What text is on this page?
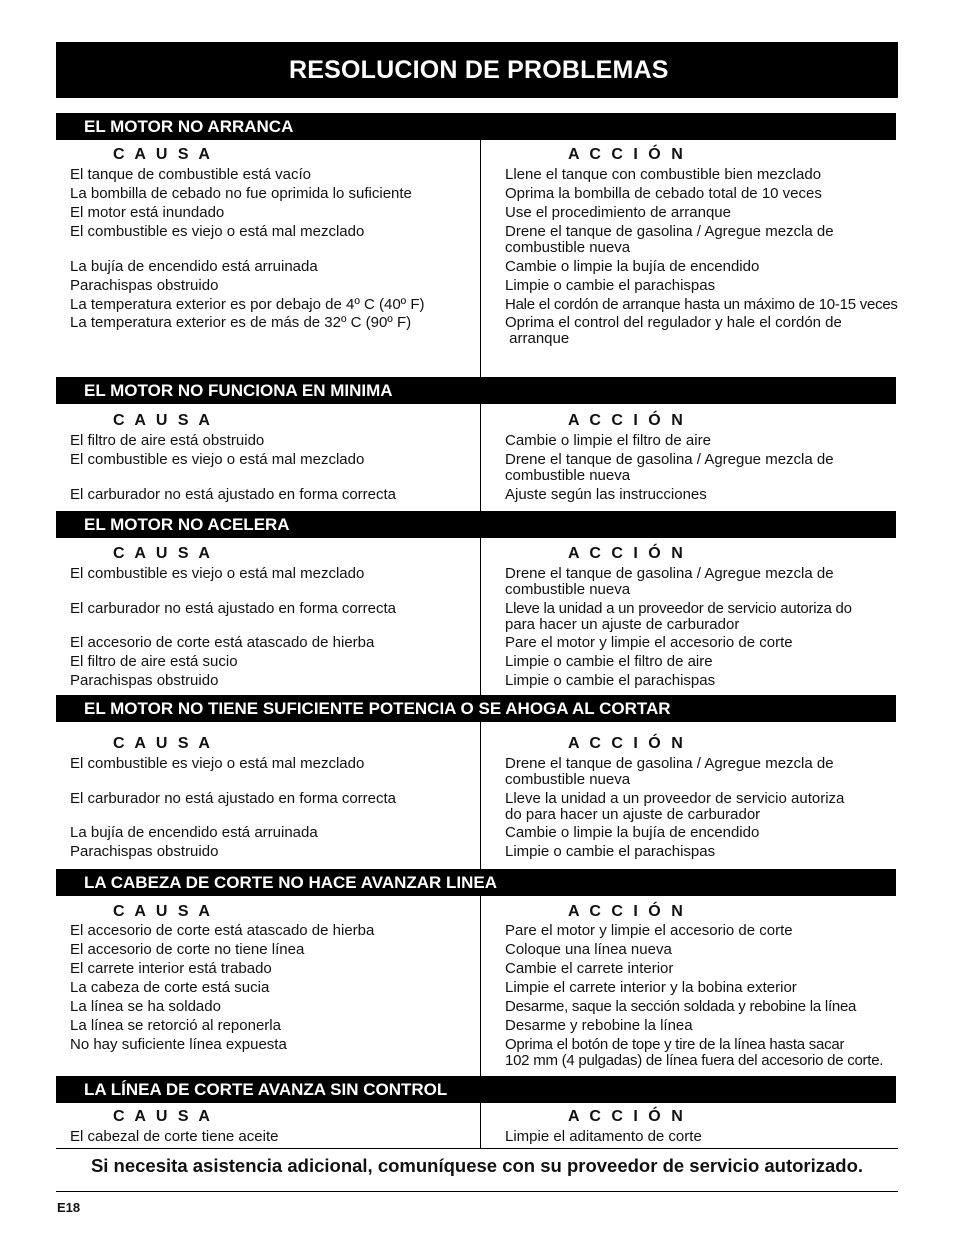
RESOLUCION DE PROBLEMAS
EL MOTOR NO ARRANCA
C A U S A	A C C I Ó N
El tanque de combustible está vacío	Llene el tanque con combustible bien mezclado
La bombilla de cebado no fue oprimida lo suficiente	Oprima la bombilla de cebado total de 10 veces
El motor está inundado	Use el procedimiento de arranque
El combustible es viejo o está mal mezclado	Drene el tanque de gasolina / Agregue mezcla de
combustible nueva
La bujía de encendido está arruinada	Cambie o limpie la bujía de encendido
Parachispas obstruido	Limpie o cambie el parachispas
La temperatura exterior es por debajo de 4º C (40º F)	Hale el cordón de arranque hasta un máximo de 10-15 veces
La temperatura exterior es de más de 32º C (90º F)	Oprima el control del regulador y hale el cordón de
arranque
EL MOTOR NO FUNCIONA EN MINIMA
C A U S A	A C C I Ó N
El filtro de aire está obstruido	Cambie o limpie el filtro de aire
El combustible es viejo o está mal mezclado	Drene el tanque de gasolina / Agregue mezcla de
combustible nueva
El carburador no está ajustado en forma correcta	Ajuste según las instrucciones
EL MOTOR NO ACELERA
C A U S A	A C C I Ó N
El combustible es viejo o está mal mezclado	Drene el tanque de gasolina / Agregue mezcla de
combustible nueva
El carburador no está ajustado en forma correcta	Lleve la unidad a un proveedor de servicio autoriza do
para hacer un ajuste de carburador
El accesorio de corte está atascado de hierba	Pare el motor y limpie el accesorio de corte
El filtro de aire está sucio	Limpie o cambie el filtro de aire
Parachispas obstruido	Limpie o cambie el parachispas
EL MOTOR NO TIENE SUFICIENTE POTENCIA O SE AHOGA AL CORTAR
C A U S A	A C C I Ó N
El combustible es viejo o está mal mezclado	Drene el tanque de gasolina / Agregue mezcla de
combustible nueva
El carburador no está ajustado en forma correcta	Lleve la unidad a un proveedor de servicio autoriza
do para hacer un ajuste de carburador
La bujía de encendido está arruinada	Cambie o limpie la bujía de encendido
Parachispas obstruido	Limpie o cambie el parachispas
LA CABEZA DE CORTE NO HACE AVANZAR LINEA
C A U S A	A C C I Ó N
El accesorio de corte está atascado de hierba	Pare el motor y limpie el accesorio de corte
El accesorio de corte no tiene línea	Coloque una línea nueva
El carrete interior está trabado	Cambie el carrete interior
La cabeza de corte está sucia	Limpie el carrete interior y la bobina exterior
La línea se ha soldado	Desarme, saque la sección soldada y rebobine la línea
La línea se retorció al reponerla	Desarme y rebobine la línea
No hay suficiente línea expuesta	Oprima el botón de tope y tire de la línea hasta sacar
102 mm (4 pulgadas) de línea fuera del accesorio de corte.
LA LÍNEA DE CORTE AVANZA SIN CONTROL
C A U S A	A C C I Ó N
El cabezal de corte tiene aceite	Limpie el aditamento de corte
Si necesita asistencia adicional, comuníquese con su proveedor de servicio autorizado.
E18
